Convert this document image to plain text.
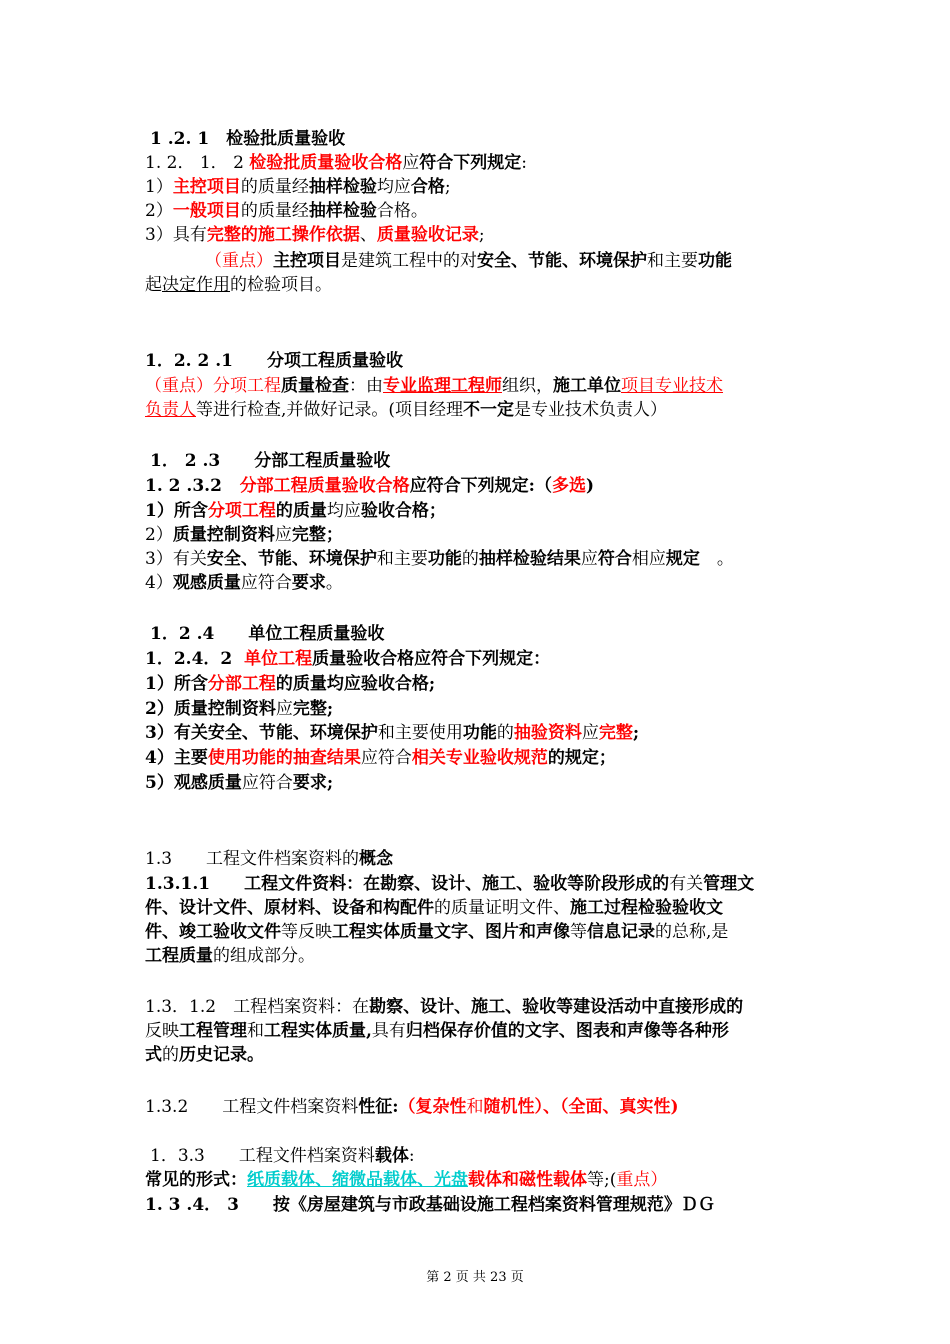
1 .2. 1　检验批质量验收
1. 2． 1． 2 检验批质量验收合格应符合下列规定:
1）主控项目的质量经抽样检验均应合格;
2）一般项目的质量经抽样检验合格。
3）具有完整的施工操作依据、质量验收记录;
（重点）主控项目是建筑工程中的对安全、节能、环境保护和主要功能
起决定作用的检验项目。
1．2. 2 .1　　分项工程质量验收
（重点）分项工程质量检查：由专业监理工程师组织，施工单位项目专业技术
负责人等进行检查,并做好记录。(项目经理不一定是专业技术负责人）
1． 2 .3　　分部工程质量验收
1. 2 .3.2 分部工程质量验收合格应符合下列规定:（多选)
1）所含分项工程的质量均应验收合格；
2）质量控制资料应完整；
3）有关安全、节能、环境保护和主要功能的抽样检验结果应符合相应规定　。
4）观感质量应符合要求。
1．2 .4　　单位工程质量验收
1．2.4．2 单位工程质量验收合格应符合下列规定：
1）所含分部工程的质量均应验收合格;
2）质量控制资料应完整;
3）有关安全、节能、环境保护和主要使用功能的抽验资料应完整;
4）主要使用功能的抽查结果应符合相关专业验收规范的规定；
5）观感质量应符合要求;
1.3　　工程文件档案资料的概念
1.3.1.1　　工程文件资料：在勘察、设计、施工、验收等阶段形成的有关管理文
件、设计文件、原材料、设备和构配件的质量证明文件、施工过程检验验收文
件、竣工验收文件等反映工程实体质量文字、图片和声像等信息记录的总称,是
工程质量的组成部分。
1.3．1.2　工程档案资料：在勘察、设计、施工、验收等建设活动中直接形成的
反映工程管理和工程实体质量,具有归档保存价值的文字、图表和声像等各种形
式的历史记录。
1.3.2　　工程文件档案资料性征:（复杂性和随机性）、（全面、真实性)
1．3.3　　工程文件档案资料载体:
常见的形式：纸质载体、缩微品载体、光盘载体和磁性载体等;(重点）
1. 3 .4． 3　　按《房屋建筑与市政基础设施工程档案资料管理规范》ＤＧ
第 2 页 共 23 页
